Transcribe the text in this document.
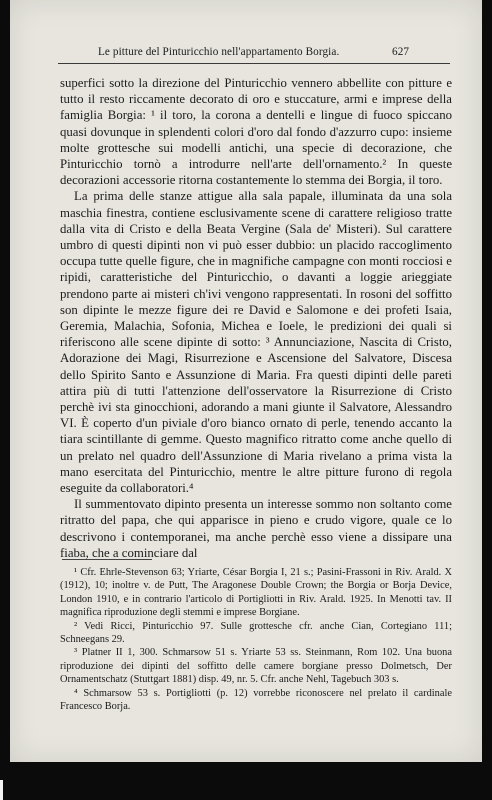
Le pitture del Pinturicchio nell'appartamento Borgia.	627

superfici sotto la direzione del Pinturicchio vennero abbellite con pitture e tutto il resto riccamente decorato di oro e stuccature, armi e imprese della famiglia Borgia: ¹ il toro, la corona a dentelli e lingue di fuoco spiccano quasi dovunque in splendenti colori d'oro dal fondo d'azzurro cupo: insieme molte grottesche sui modelli antichi, una specie di decorazione, che Pinturicchio tornò a introdurre nell'arte dell'ornamento.² In queste decorazioni accessorie ritorna costantemente lo stemma dei Borgia, il toro.

La prima delle stanze attigue alla sala papale, illuminata da una sola maschia finestra, contiene esclusivamente scene di carattere religioso tratte dalla vita di Cristo e della Beata Vergine (Sala de' Misteri). Sul carattere umbro di questi dipinti non vi può esser dubbio: un placido raccoglimento occupa tutte quelle figure, che in magnifiche campagne con monti rocciosi e ripidi, caratteristiche del Pinturicchio, o davanti a loggie arieggiate prendono parte ai misteri ch'ivi vengono rappresentati. In rosoni del soffitto son dipinte le mezze figure dei re David e Salomone e dei profeti Isaia, Geremia, Malachia, Sofonia, Michea e Ioele, le predizioni dei quali si riferiscono alle scene dipinte di sotto: ³ Annunciazione, Nascita di Cristo, Adorazione dei Magi, Risurrezione e Ascensione del Salvatore, Discesa dello Spirito Santo e Assunzione di Maria. Fra questi dipinti delle pareti attira più di tutti l'attenzione dell'osservatore la Risurrezione di Cristo perchè ivi sta ginocchioni, adorando a mani giunte il Salvatore, Alessandro VI. È coperto d'un piviale d'oro bianco ornato di perle, tenendo accanto la tiara scintillante di gemme. Questo magnifico ritratto come anche quello di un prelato nel quadro dell'Assunzione di Maria rivelano a prima vista la mano esercitata del Pinturicchio, mentre le altre pitture furono di regola eseguite da collaboratori.⁴

Il summentovato dipinto presenta un interesse sommo non soltanto come ritratto del papa, che qui apparisce in pieno e crudo vigore, quale ce lo descrivono i contemporanei, ma anche perchè esso viene a dissipare una fiaba, che a cominciare dal

¹ Cfr. Ehrle-Stevenson 63; Yriarte, César Borgia I, 21 s.; Pasini-Frassoni in Riv. Arald. X (1912), 10; inoltre v. de Putt, The Aragonese Double Crown; the Borgia or Borja Device, London 1910, e in contrario l'articolo di Portigliotti in Riv. Arald. 1925. In Menotti tav. II magnifica riproduzione degli stemmi e imprese Borgiane.

² Vedi Ricci, Pinturicchio 97. Sulle grottesche cfr. anche Cian, Cortegiano 111; Schneegans 29.

³ Platner II 1, 300. Schmarsow 51 s. Yriarte 53 ss. Steinmann, Rom 102. Una buona riproduzione dei dipinti del soffitto delle camere borgiane presso Dolmetsch, Der Ornamentschatz (Stuttgart 1881) disp. 49, nr. 5. Cfr. anche Nehl, Tagebuch 303 s.

⁴ Schmarsow 53 s. Portigliotti (p. 12) vorrebbe riconoscere nel prelato il cardinale Francesco Borja.
